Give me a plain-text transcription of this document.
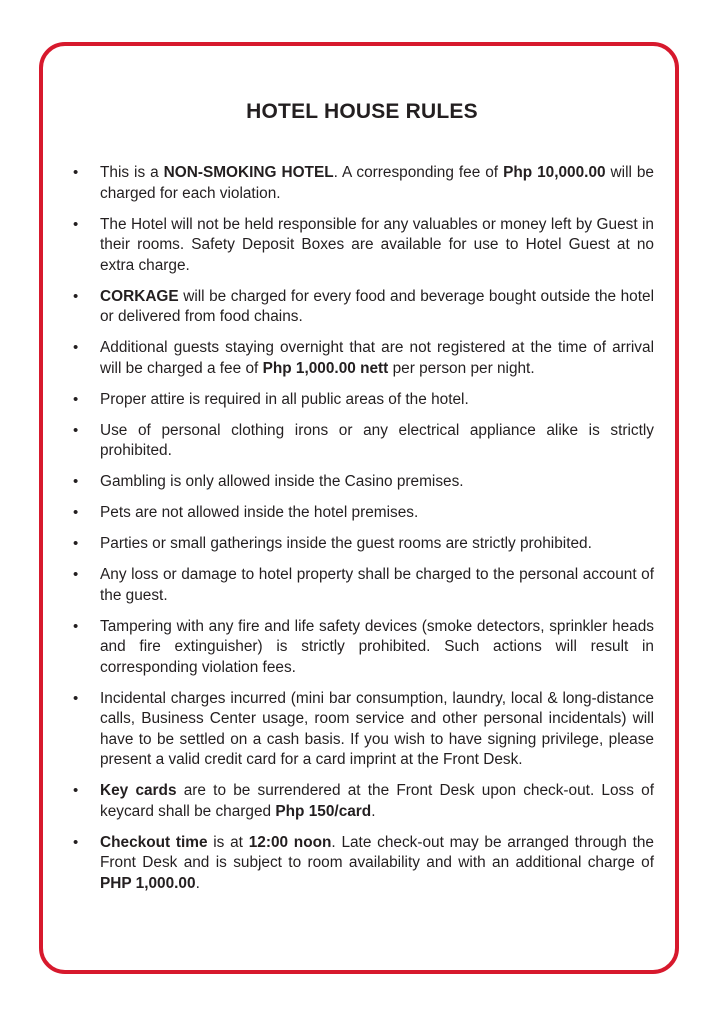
HOTEL HOUSE RULES
• This is a NON-SMOKING HOTEL. A corresponding fee of Php 10,000.00 will be charged for each violation.
• The Hotel will not be held responsible for any valuables or money left by Guest in their rooms. Safety Deposit Boxes are available for use to Hotel Guest at no extra charge.
• CORKAGE will be charged for every food and beverage bought outside the hotel or delivered from food chains.
• Additional guests staying overnight that are not registered at the time of arrival will be charged a fee of Php 1,000.00 nett per person per night.
• Proper attire is required in all public areas of the hotel.
• Use of personal clothing irons or any electrical appliance alike is strictly prohibited.
• Gambling is only allowed inside the Casino premises.
• Pets are not allowed inside the hotel premises.
• Parties or small gatherings inside the guest rooms are strictly prohibited.
• Any loss or damage to hotel property shall be charged to the personal account of the guest.
• Tampering with any fire and life safety devices (smoke detectors, sprinkler heads and fire extinguisher) is strictly prohibited. Such actions will result in corresponding violation fees.
• Incidental charges incurred (mini bar consumption, laundry, local & long-distance calls, Business Center usage, room service and other personal incidentals) will have to be settled on a cash basis. If you wish to have signing privilege, please present a valid credit card for a card imprint at the Front Desk.
• Key cards are to be surrendered at the Front Desk upon check-out. Loss of keycard shall be charged Php 150/card.
• Checkout time is at 12:00 noon. Late check-out may be arranged through the Front Desk and is subject to room availability and with an additional charge of PHP 1,000.00.
